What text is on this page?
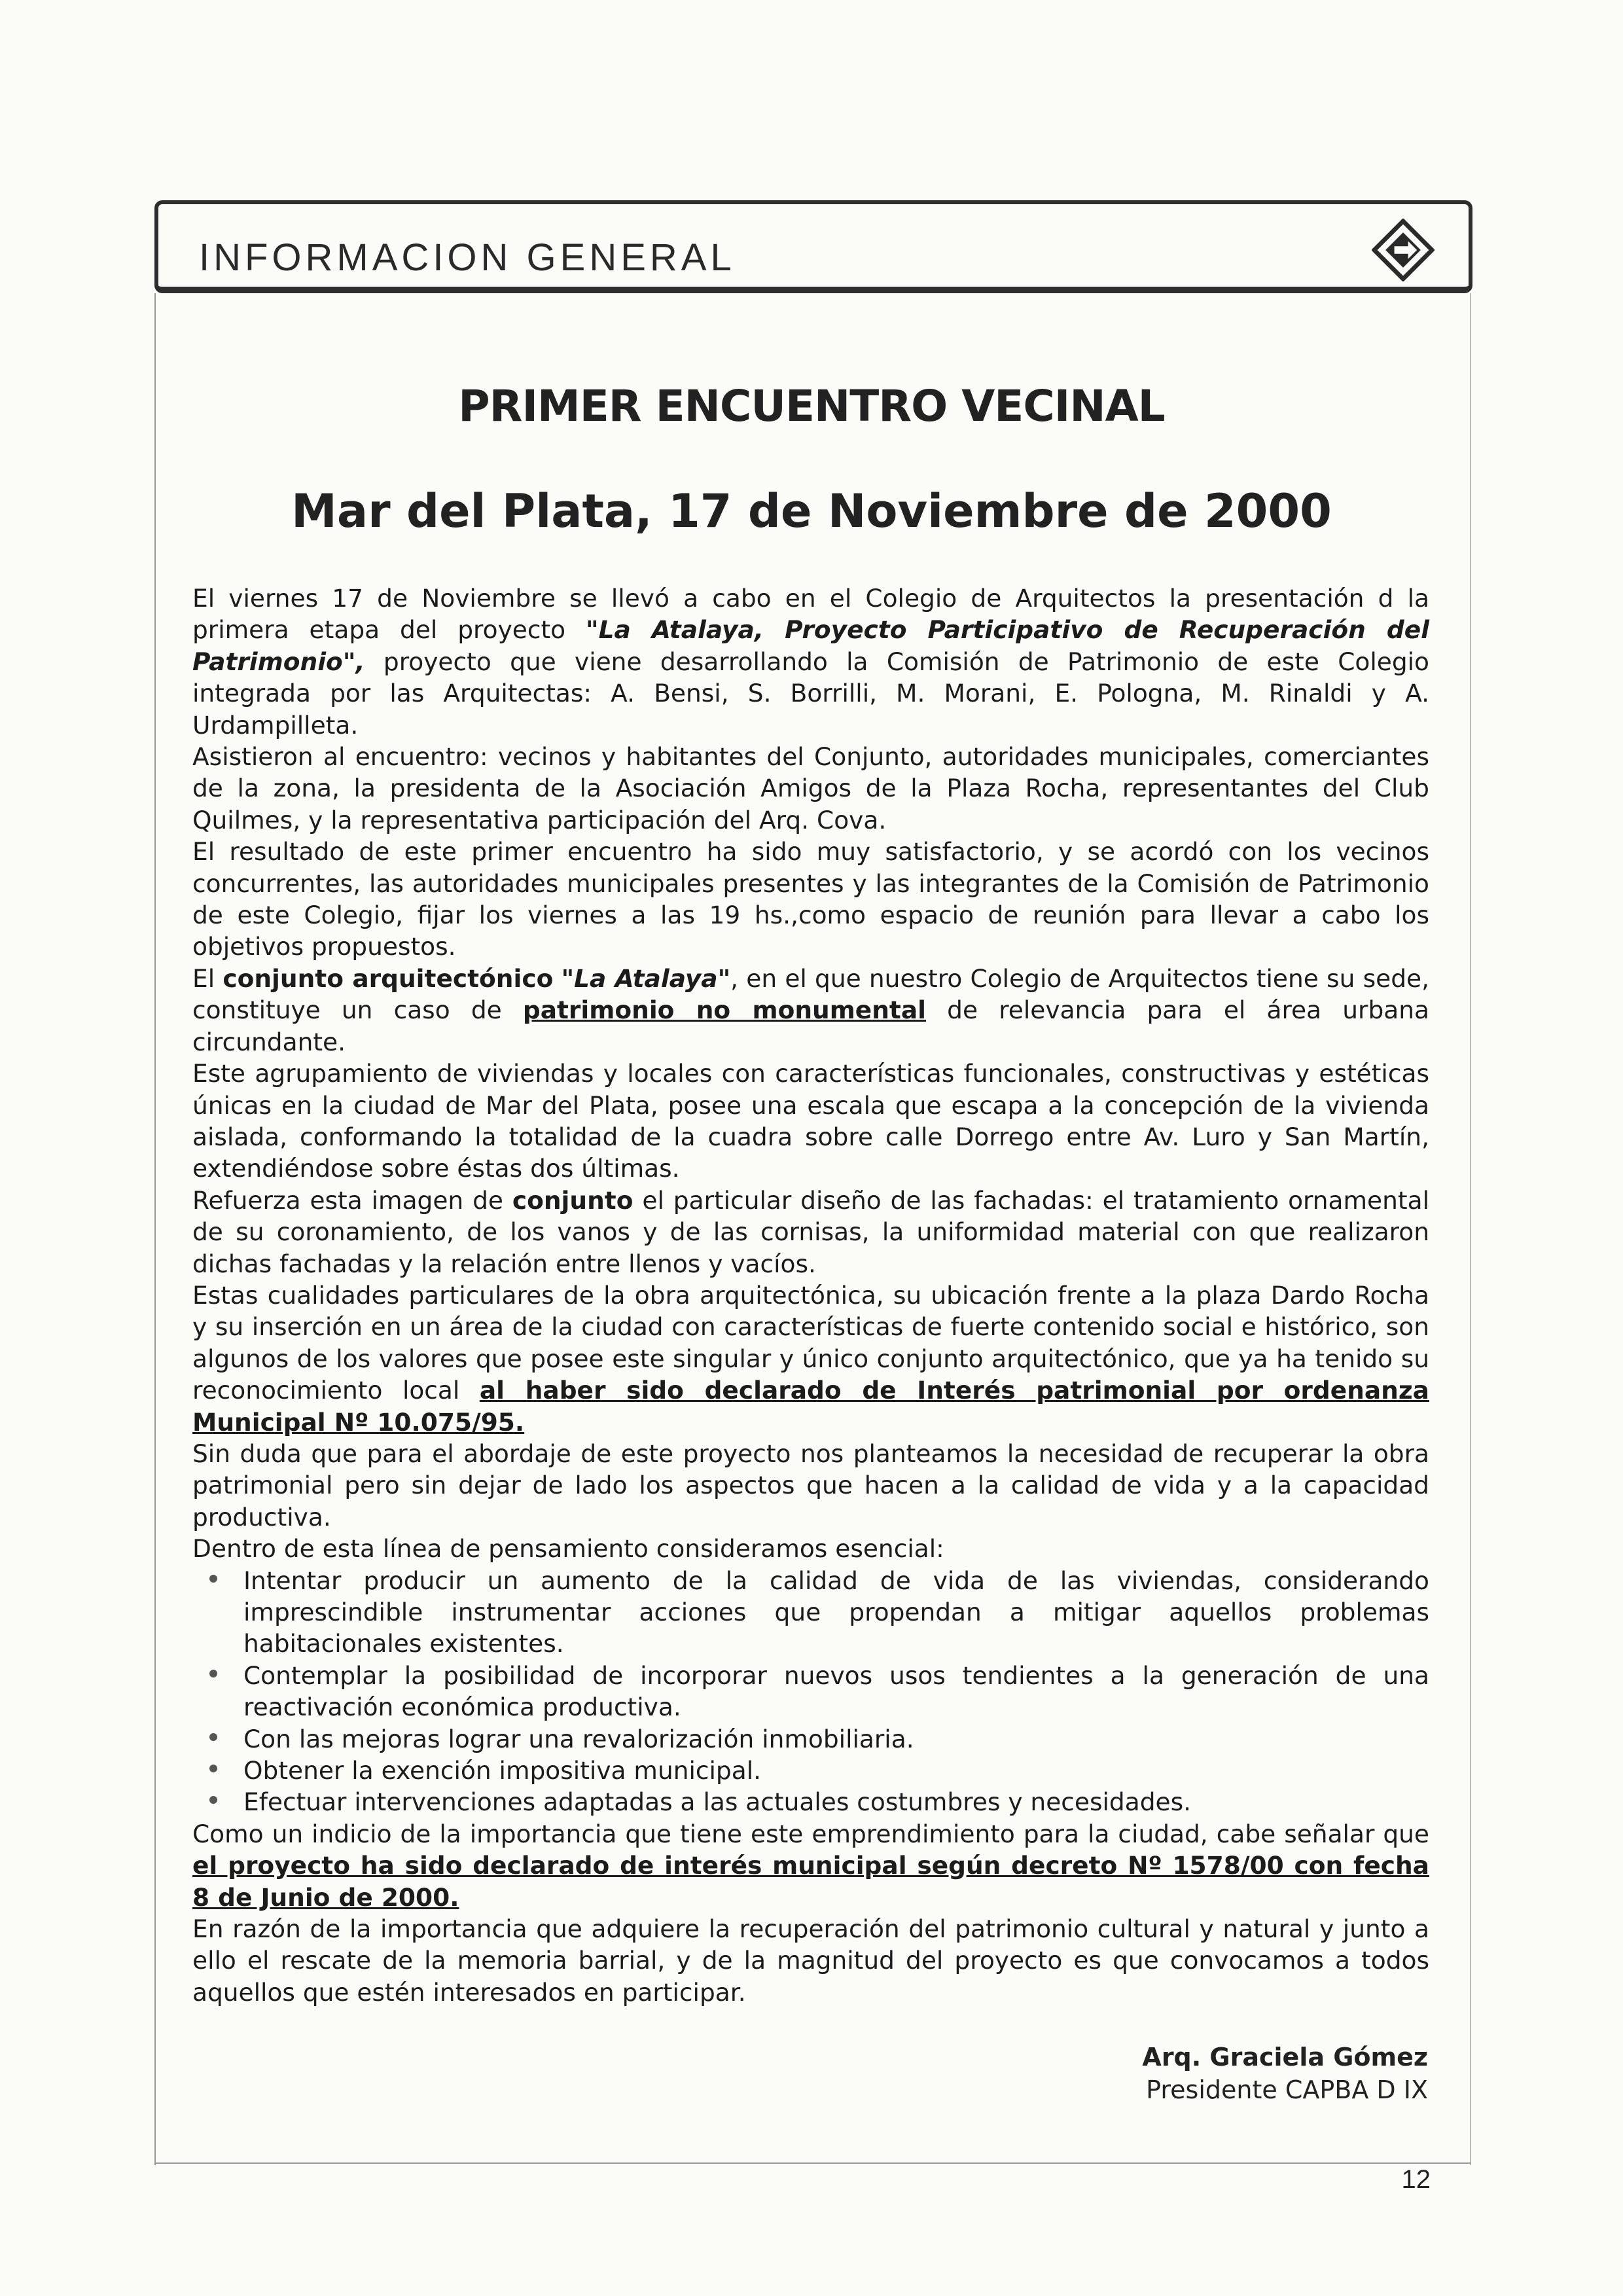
INFORMACION GENERAL
PRIMER ENCUENTRO VECINAL
Mar del Plata, 17 de Noviembre de 2000

El viernes 17 de Noviembre se llevó a cabo en el Colegio de Arquitectos la presentación d la primera etapa del proyecto "La Atalaya, Proyecto Participativo de Recuperación del Patrimonio", proyecto que viene desarrollando la Comisión de Patrimonio de este Colegio integrada por las Arquitectas: A. Bensi, S. Borrilli, M. Morani, E. Pologna, M. Rinaldi y A. Urdampilleta.

Asistieron al encuentro: vecinos y habitantes del Conjunto, autoridades municipales, comerciantes de la zona, la presidenta de la Asociación Amigos de la Plaza Rocha, representantes del Club Quilmes, y la representativa participación del Arq. Cova.

El resultado de este primer encuentro ha sido muy satisfactorio, y se acordó con los vecinos concurrentes, las autoridades municipales presentes y las integrantes de la Comisión de Patrimonio de este Colegio, fijar los viernes a las 19 hs.,como espacio de reunión para llevar a cabo los objetivos propuestos.

El conjunto arquitectónico "La Atalaya", en el que nuestro Colegio de Arquitectos tiene su sede, constituye un caso de patrimonio no monumental de relevancia para el área urbana circundante.

Este agrupamiento de viviendas y locales con características funcionales, constructivas y estéticas únicas en la ciudad de Mar del Plata, posee una escala que escapa a la concepción de la vivienda aislada, conformando la totalidad de la cuadra sobre calle Dorrego entre Av. Luro y San Martín, extendiéndose sobre éstas dos últimas.

Refuerza esta imagen de conjunto el particular diseño de las fachadas: el tratamiento ornamental de su coronamiento, de los vanos y de las cornisas, la uniformidad material con que realizaron dichas fachadas y la relación entre llenos y vacíos.

Estas cualidades particulares de la obra arquitectónica, su ubicación frente a la plaza Dardo Rocha y su inserción en un área de la ciudad con características de fuerte contenido social e histórico, son algunos de los valores que posee este singular y único conjunto arquitectónico, que ya ha tenido su reconocimiento local al haber sido declarado de Interés patrimonial por ordenanza Municipal Nº 10.075/95.

Sin duda que para el abordaje de este proyecto nos planteamos la necesidad de recuperar la obra patrimonial pero sin dejar de lado los aspectos que hacen a la calidad de vida y a la capacidad productiva.

Dentro de esta línea de pensamiento consideramos esencial:

Intentar producir un aumento de la calidad de vida de las viviendas, considerando imprescindible instrumentar acciones que propendan a mitigar aquellos problemas habitacionales existentes.
Contemplar la posibilidad de incorporar nuevos usos tendientes a la generación de una reactivación económica productiva.
Con las mejoras lograr una revalorización inmobiliaria.
Obtener la exención impositiva municipal.
Efectuar intervenciones adaptadas a las actuales costumbres y necesidades.

Como un indicio de la importancia que tiene este emprendimiento para la ciudad, cabe señalar que el proyecto ha sido declarado de interés municipal según decreto Nº 1578/00 con fecha 8 de Junio de 2000.

En razón de la importancia que adquiere la recuperación del patrimonio cultural y natural y junto a ello el rescate de la memoria barrial, y de la magnitud del proyecto es que convocamos a todos aquellos que estén interesados en participar.

Arq. Graciela Gómez
Presidente CAPBA D IX
12
